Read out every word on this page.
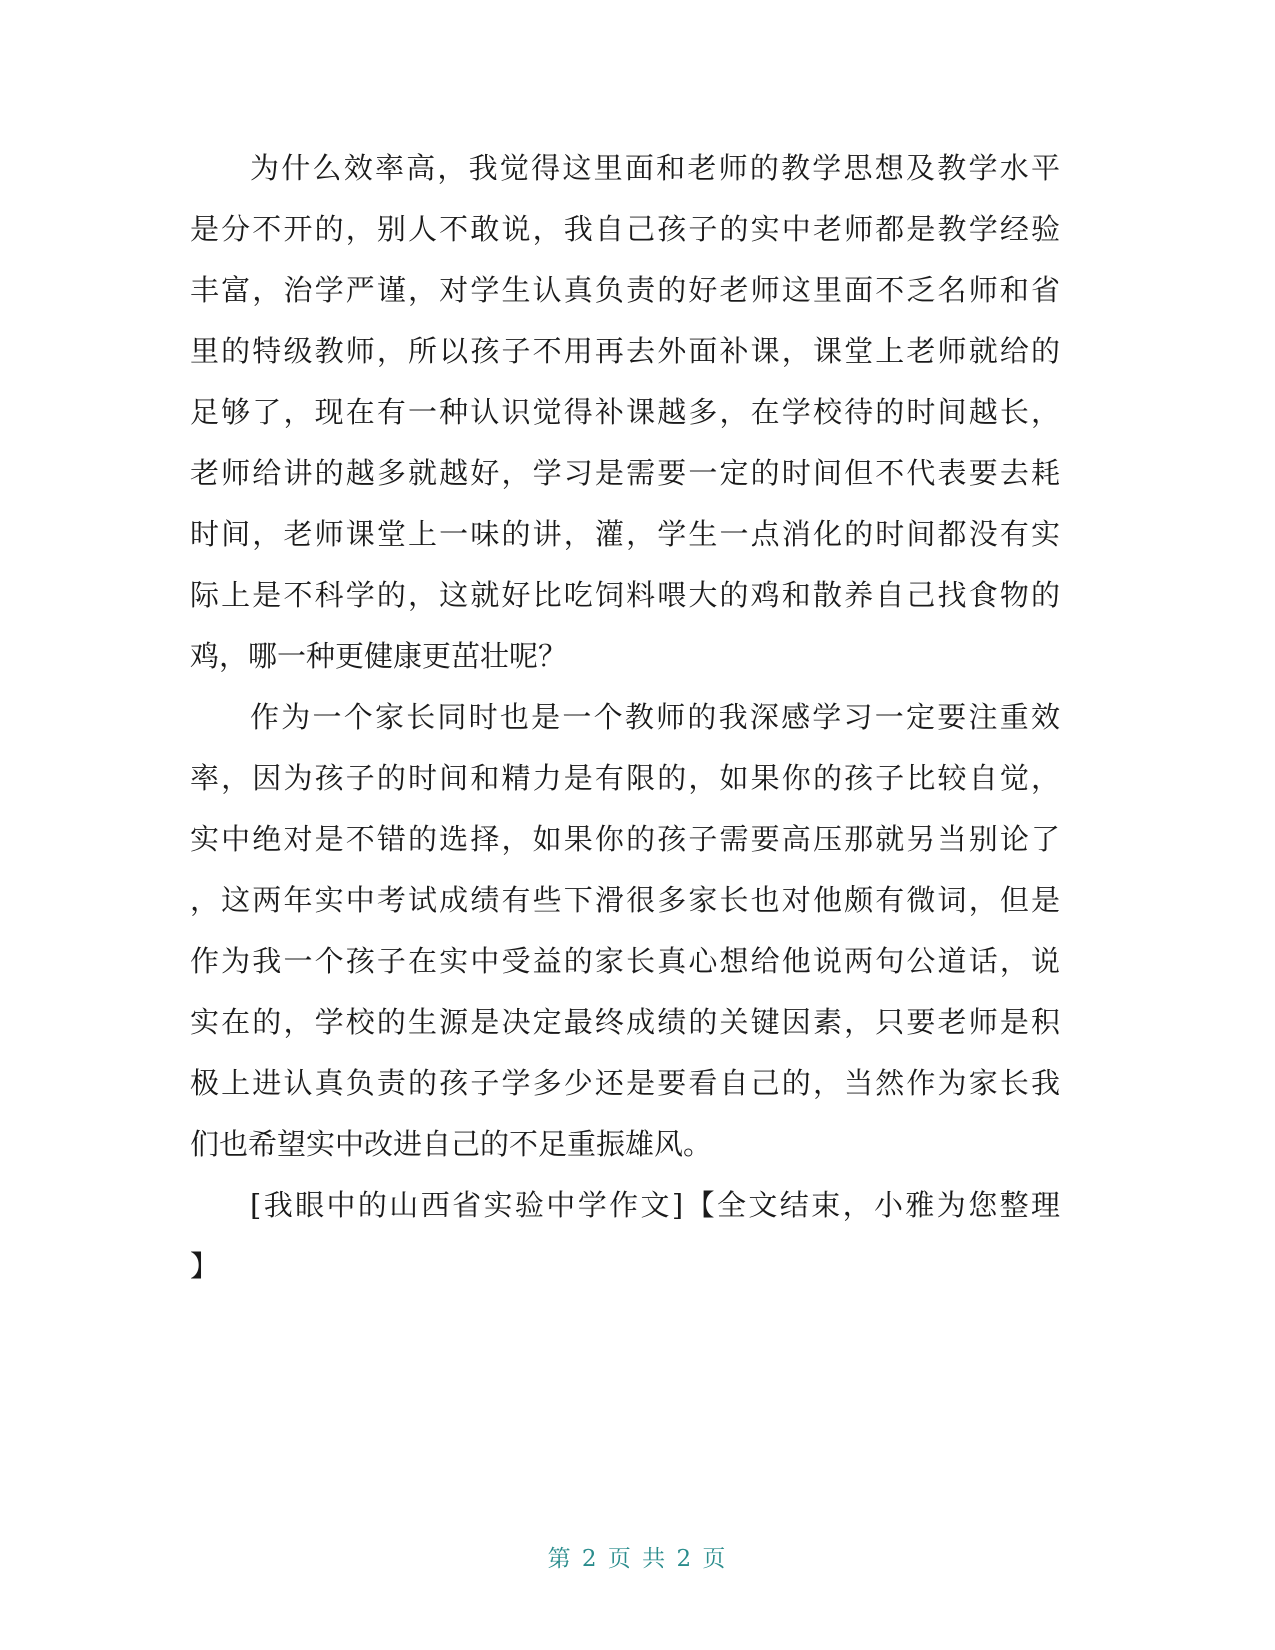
为什么效率高，我觉得这里面和老师的教学思想及教学水平
是分不开的，别人不敢说，我自己孩子的实中老师都是教学经验
丰富，治学严谨，对学生认真负责的好老师这里面不乏名师和省
里的特级教师，所以孩子不用再去外面补课，课堂上老师就给的
足够了，现在有一种认识觉得补课越多，在学校待的时间越长，
老师给讲的越多就越好，学习是需要一定的时间但不代表要去耗
时间，老师课堂上一味的讲，灌，学生一点消化的时间都没有实
际上是不科学的，这就好比吃饲料喂大的鸡和散养自己找食物的
鸡，哪一种更健康更茁壮呢？
作为一个家长同时也是一个教师的我深感学习一定要注重效
率，因为孩子的时间和精力是有限的，如果你的孩子比较自觉，
实中绝对是不错的选择，如果你的孩子需要高压那就另当别论了
，这两年实中考试成绩有些下滑很多家长也对他颇有微词，但是
作为我一个孩子在实中受益的家长真心想给他说两句公道话，说
实在的，学校的生源是决定最终成绩的关键因素，只要老师是积
极上进认真负责的孩子学多少还是要看自己的，当然作为家长我
们也希望实中改进自己的不足重振雄风。
[我眼中的山西省实验中学作文]【全文结束，小雅为您整理
】
第 2 页 共 2 页
